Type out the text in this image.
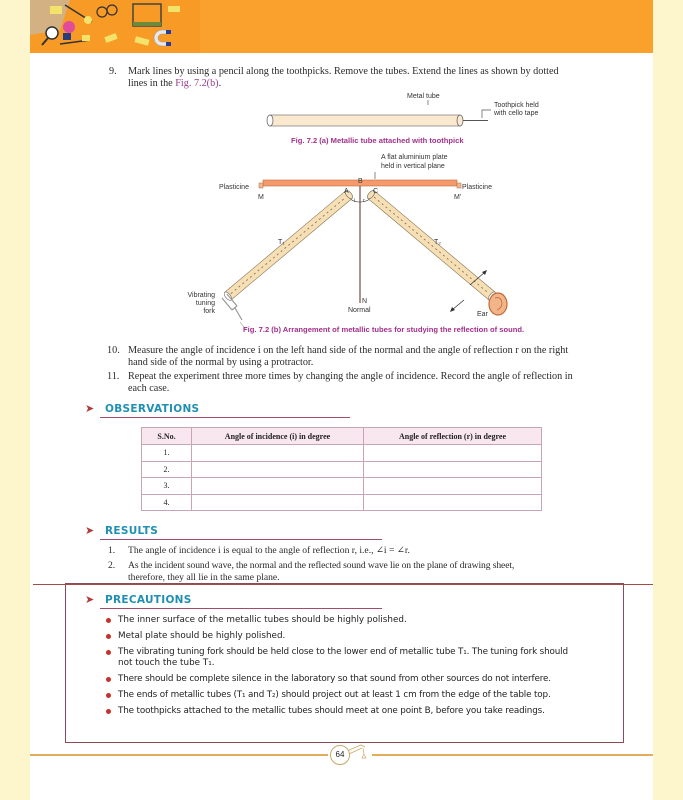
9. Mark lines by using a pencil along the toothpicks. Remove the tubes. Extend the lines as shown by dotted
lines in the Fig. 7.2(b).
Metal tube
Toothpick held
with cello tape
Fig. 7.2 (a) Metallic tube attached with toothpick
A flat aluminium plate
held in vertical plane
Plasticine	Plasticine
M	M'
A
B
C
i r
T₁	T₂
N
Normal
Vibrating
tuning
fork	Ear
Fig. 7.2 (b) Arrangement of metallic tubes for studying the reflection of sound.
10. Measure the angle of incidence i on the left hand side of the normal and the angle of reflection r on the right
hand side of the normal by using a protractor.
11. Repeat the experiment three more times by changing the angle of incidence. Record the angle of reflection in
each case.
➤ OBSERVATIONS
S.No.	Angle of incidence (i) in degree	Angle of reflection (r) in degree
1.		
2.		
3.		
4.		
➤ RESULTS
1. The angle of incidence i is equal to the angle of reflection r, i.e., ∠i = ∠r.
2. As the incident sound wave, the normal and the reflected sound wave lie on the plane of drawing sheet,
therefore, they all lie in the same plane.
➤ PRECAUTIONS
The inner surface of the metallic tubes should be highly polished.
Metal plate should be highly polished.
The vibrating tuning fork should be held close to the lower end of metallic tube T₁. The tuning fork should
not touch the tube T₁.
There should be complete silence in the laboratory so that sound from other sources do not interfere.
The ends of metallic tubes (T₁ and T₂) should project out at least 1 cm from the edge of the table top.
The toothpicks attached to the metallic tubes should meet at one point B, before you take readings.
64
